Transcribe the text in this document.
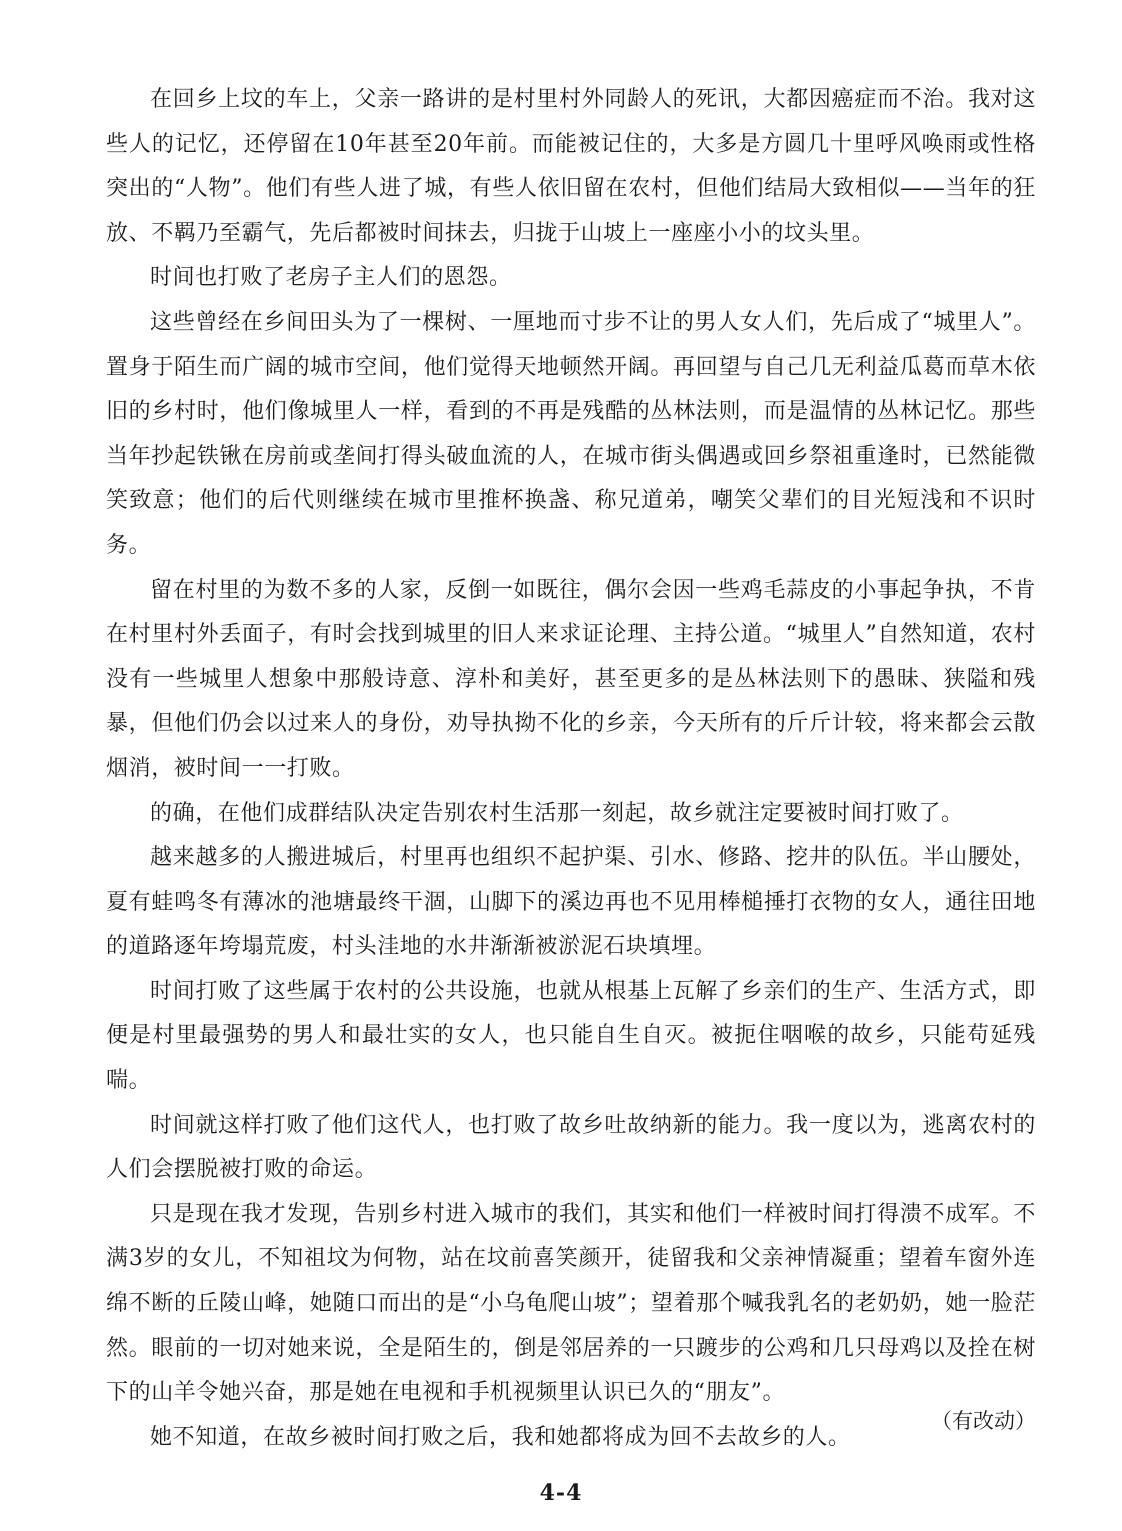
在回乡上坟的车上，父亲一路讲的是村里村外同龄人的死讯，大都因癌症而不治。我对这些人的记忆，还停留在10年甚至20年前。而能被记住的，大多是方圆几十里呼风唤雨或性格突出的“人物”。他们有些人进了城，有些人依旧留在农村，但他们结局大致相似——当年的狂放、不羁乃至霸气，先后都被时间抹去，归拢于山坡上一座座小小的坟头里。

时间也打败了老房子主人们的恩怨。

这些曾经在乡间田头为了一棵树、一厘地而寸步不让的男人女人们，先后成了“城里人”。置身于陌生而广阔的城市空间，他们觉得天地顿然开阔。再回望与自己几无利益瓜葛而草木依旧的乡村时，他们像城里人一样，看到的不再是残酷的丛林法则，而是温情的丛林记忆。那些当年抄起铁锹在房前或垄间打得头破血流的人，在城市街头偶遇或回乡祭祖重逢时，已然能微笑致意；他们的后代则继续在城市里推杯换盏、称兄道弟，嘲笑父辈们的目光短浅和不识时务。

留在村里的为数不多的人家，反倒一如既往，偶尔会因一些鸡毛蒜皮的小事起争执，不肯在村里村外丢面子，有时会找到城里的旧人来求证论理、主持公道。“城里人”自然知道，农村没有一些城里人想象中那般诗意、淳朴和美好，甚至更多的是丛林法则下的愚昧、狭隘和残暴，但他们仍会以过来人的身份，劝导执拗不化的乡亲，今天所有的斤斤计较，将来都会云散烟消，被时间一一打败。

的确，在他们成群结队决定告别农村生活那一刻起，故乡就注定要被时间打败了。

越来越多的人搬进城后，村里再也组织不起护渠、引水、修路、挖井的队伍。半山腰处，夏有蛙鸣冬有薄冰的池塘最终干涸，山脚下的溪边再也不见用棒槌捶打衣物的女人，通往田地的道路逐年垮塌荒废，村头洼地的水井渐渐被淤泥石块填埋。

时间打败了这些属于农村的公共设施，也就从根基上瓦解了乡亲们的生产、生活方式，即便是村里最强势的男人和最壮实的女人，也只能自生自灭。被扼住咽喉的故乡，只能苟延残喘。

时间就这样打败了他们这代人，也打败了故乡吐故纳新的能力。我一度以为，逃离农村的人们会摆脱被打败的命运。

只是现在我才发现，告别乡村进入城市的我们，其实和他们一样被时间打得溃不成军。不满3岁的女儿，不知祖坟为何物，站在坟前喜笑颜开，徒留我和父亲神情凝重；望着车窗外连绵不断的丘陵山峰，她随口而出的是“小乌龟爬山坡”；望着那个喊我乳名的老奶奶，她一脸茫然。眼前的一切对她来说，全是陌生的，倒是邻居养的一只踱步的公鸡和几只母鸡以及拴在树下的山羊令她兴奋，那是她在电视和手机视频里认识已久的“朋友”。

她不知道，在故乡被时间打败之后，我和她都将成为回不去故乡的人。

（有改动）

4-4
